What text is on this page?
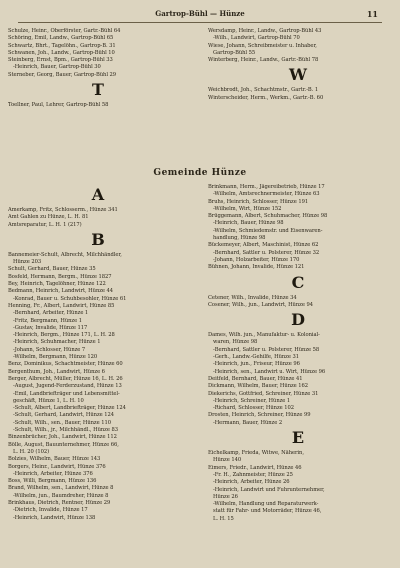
Gartrop-Bühl — Hünze	11
Schulze, Heinr., Oberförster, Gartr.-Bühl 64
Schöring, Emil, Landw., Gartrop-Bühl 65
Schwartz, Bhrt., Tagelöhn., Gartrop-B. 31
Schwanen, Joh., Landw., Gartrop-Bühl 10
Steinberg, Ernst, Bpm., Gartrop-Bühl 33
-Heinrich, Bauer, Gartrop-Bühl 30
Sterneber, Georg, Bauer, Gartrop-Bühl 29
T
Toellner, Paul, Lehrer, Gartrop-Bühl 58
Wersdamp, Heinr., Landw., Gartrop-Bühl 43
-Wilh., Landwirt, Gartrop-Bühl 70
Wiese, Johann, Schreibmeister u. Inhaber,
Gartrop-Bühl 55
Winterberg, Heinr., Landw., Gartr.-Bühl 78
W
Weichbrodt, Joh., Schachtmstr., Gartr.-B. 1
Winterscheider, Herm., Werkm., Gartr.-B. 60
Gemeinde Hünze
A
Amerkamp, Fritz, Schlosserm., Hünze 341
Amt Gahlen zu Hünze, L. H. 81
Amtsreparatur, L. H. 1 (217)
B
Bannemeier-Schult, Albrecht, Milchhändler,
Hünze 203
Schult, Gerhard, Bauer, Hünze 35
Bosfeld, Hermann, Bergm., Hünze 1827
Bey, Heinrich, Tagelöhner, Hünze 122
Bedmann, Heinrich, Landwirt, Hünze 44
-Konrad, Bauer u. Schuhbesohler, Hünze 61
Henning, Fr., Albert, Landwirt, Hünze 85
-Bernhard, Arbeiter, Hünze 1
-Fritz, Bergmann, Hünze 1
-Gustav, Invalide, Hünze 117
-Heinrich, Bergm., Hünze 171, L. H. 28
-Heinrich, Schuhmacher, Hünze 1
-Johann, Schlosser, Hünze 7
-Wilhelm, Bergmann, Hünze 120
Benz, Dominikus, Schachtmeister, Hünze 60
Bergenthum, Joh., Landwirt, Hünze 6
Berger, Albrecht, Müller, Hünze 16, L. H. 26
-August, Jugend-Ferderzustand, Hünze 13
-Emil, Landbriefträger und Lebensmittel-
geschäft, Hünze 1, L. H. 10
-Schult, Albert, Landbriefträger, Hünze 124
-Schult, Gerhard, Landwirt, Hünze 124
-Schult, Wilh., sen., Bauer, Hünze 110
-Schult, Wilh., jr., Milchhändl., Hünze 83
Binzenbrücher, Joh., Landwirt, Hünze 112
Bölle, August, Bauunternehmer, Hünze 66,
L. H. 20 (102)
Bolzies, Wilhelm, Bauer, Hünze 143
Borgers, Heinr., Landwirt, Hünze 376
-Heinrich, Arbeiter, Hünze 376
Boss, Willi, Bergmann, Hünze 136
Brand, Wilhelm, sen., Landwirt, Hünze 8
-Wilhelm, jun., Baumdreher, Hünze 8
Brinkhaus, Dietrich, Rentner, Hünze 29
-Dietrich, Invalide, Hünze 17
-Heinrich, Landwirt, Hünze 138
Brinkmann, Herm., Jägereibetrieb, Hünze 17
-Wilhelm, Amtsrechnermeister, Hünze 63
Bruhs, Heinrich, Schlosser, Hünze 191
-Wilhelm, Wirt, Hünze 152
Brüggemann, Albert, Schuhmacher, Hünze 98
-Heinrich, Bauer, Hünze 98
-Wilhelm, Schmiedemstr. und Eisenwaren-
handlung, Hünze 98
Bückemeyer, Albert, Maschinist, Hünze 62
-Bernhard, Sattler u. Polsterer, Hünze 32
-Johann, Holzarbeiter, Hünze 170
Bühnen, Johann, Invalide, Hünze 121
C
Cetener, Wilh., Invalide, Hünze 34
Cosener, Wilh., jun., Landwirt, Hünze 94
D
Dames, Wilh. jun., Manufaktur- u. Kolonial-
waren, Hünze 98
-Bernhard, Sattler u. Polsterer, Hünze 58
-Gerh., Landw.-Gehilfe, Hünze 31
-Heinrich, jun., Friseur, Hünze 96
-Heinrich, sen., Landwirt u. Wirt, Hünze 96
Deitfeld, Bernhard, Bauer, Hünze 41
Dickmann, Wilhelm, Bauer, Hünze 162
Diekerichs, Gottfried, Schreiner, Hünze 31
-Heinrich, Schreiner, Hünze 1
-Richard, Schlosser, Hünze 102
Drosten, Heinrich, Schreiner, Hünze 99
-Hermann, Bauer, Hünze 2
E
Eichelkamp, Frieda, Witwe, Näherin,
Hünze 140
Eimers, Friedr., Landwirt, Hünze 46
-Fr. H., Zahnmeister, Hünze 25
-Heinrich, Arbeiter, Hünze 26
-Heinrich, Landwirt und Fuhrunternehmer,
Hünze 26
-Wilhelm, Handlung und Reparaturwerk-
statt für Fahr- und Motorräder, Hünze 46,
L. H. 15
